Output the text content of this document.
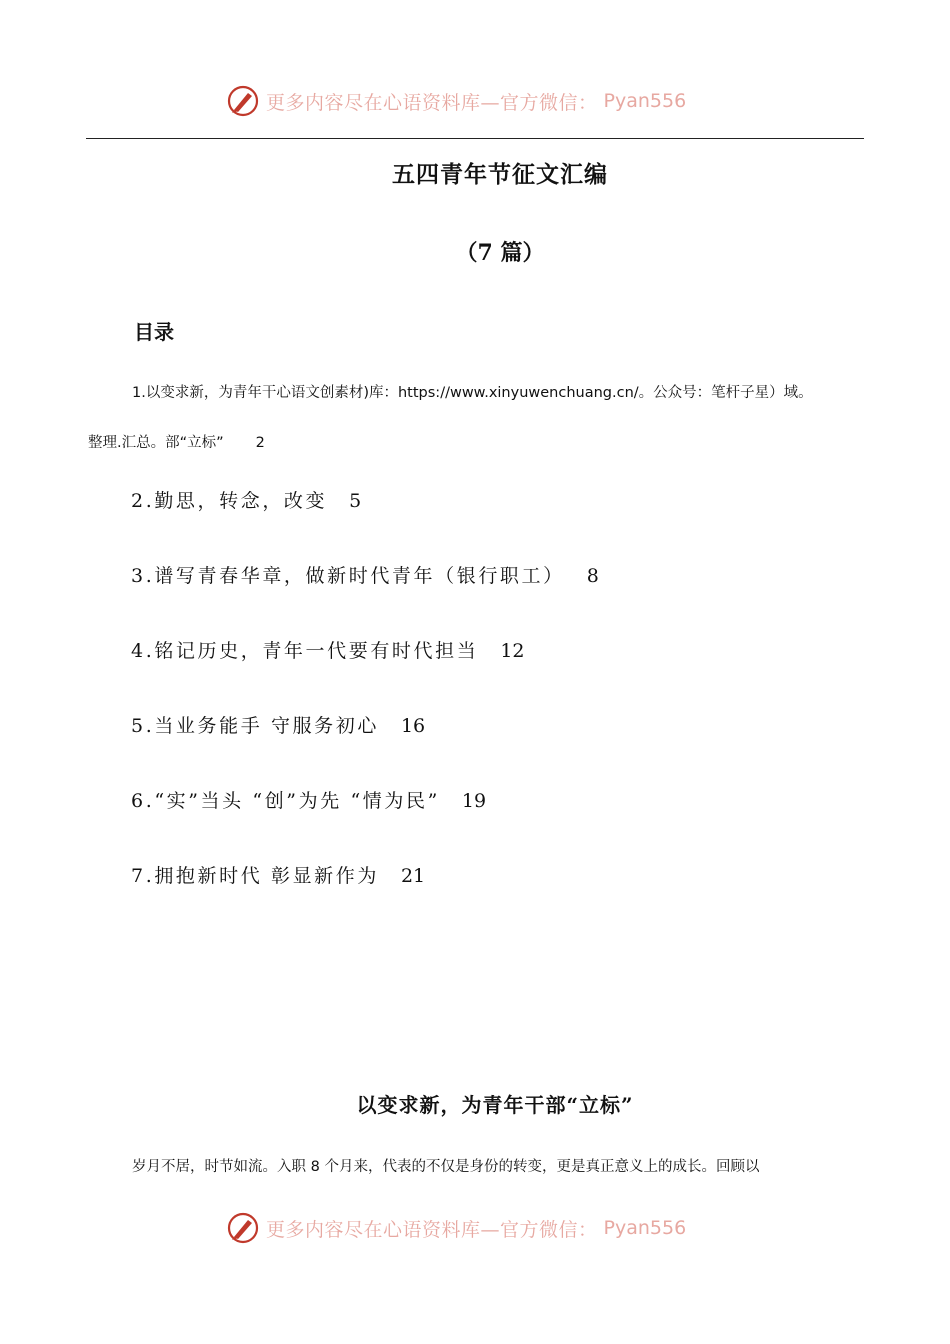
更多内容尽在心语资料库—官方微信： Pyan556
五四青年节征文汇编
（7 篇）
目录
1.以变求新，为青年干心语文创素材)库：https://www.xinyuwenchuang.cn/。公众号：笔杆子星）域。
整理.汇总。部“立标” 2
2.勤思，转念，改变 5
3.谱写青春华章，做新时代青年（银行职工） 8
4.铭记历史，青年一代要有时代担当 12
5.当业务能手 守服务初心 16
6.“实”当头 “创”为先 “情为民” 19
7.拥抱新时代 彰显新作为 21
以变求新，为青年干部“立标”
岁月不居，时节如流。入职 8 个月来，代表的不仅是身份的转变，更是真正意义上的成长。回顾以
更多内容尽在心语资料库—官方微信： Pyan556
